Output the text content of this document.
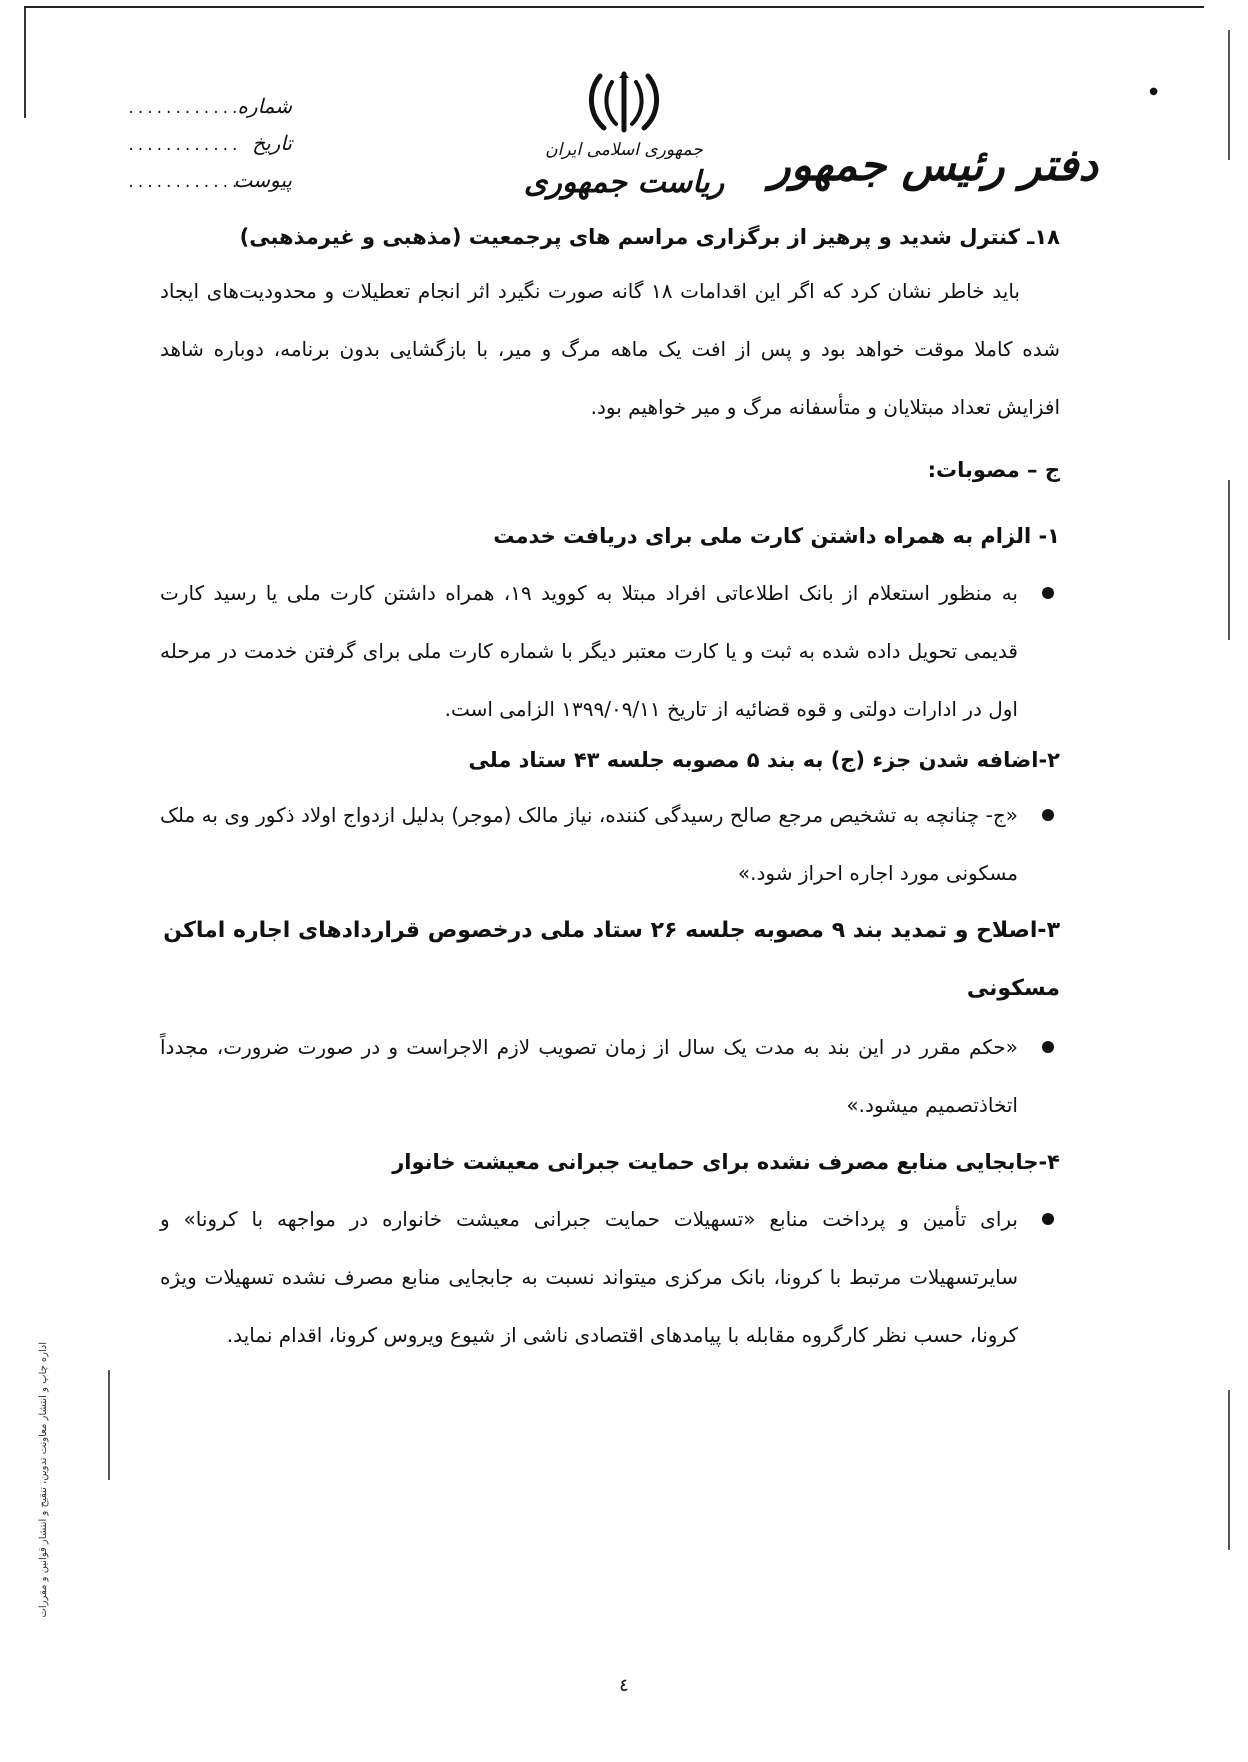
●
دفتر رئیس جمهور
جمهوری اسلامی ایران
ریاست جمهوری
شماره
............
تاریخ
............
پیوست
............

۱۸ـ کنترل شدید و پرهیز از برگزاری مراسم های پرجمعیت (مذهبی و غیرمذهبی)

باید خاطر نشان کرد که اگر این اقدامات ۱۸ گانه صورت نگیرد اثر انجام تعطیلات و محدودیت‌های ایجاد شده کاملا موقت خواهد بود و پس از افت یک ماهه مرگ و میر، با بازگشایی بدون برنامه، دوباره شاهد افزایش تعداد مبتلایان و متأسفانه مرگ و میر خواهیم بود.

ج – مصوبات:

۱- الزام به همراه داشتن کارت ملی برای دریافت خدمت

به منظور استعلام از بانک اطلاعاتی افراد مبتلا به کووید ۱۹، همراه داشتن کارت ملی یا رسید کارت قدیمی تحویل داده شده به ثبت و یا کارت معتبر دیگر با شماره کارت ملی برای گرفتن خدمت در مرحله اول در ادارات دولتی و قوه قضائیه از تاریخ ۱۳۹۹/۰۹/۱۱ الزامی است.

۲-اضافه شدن جزء (ج) به بند ۵ مصوبه جلسه ۴۳ ستاد ملی

«ج- چنانچه به تشخیص مرجع صالح رسیدگی کننده، نیاز مالک (موجر) بدلیل ازدواج اولاد ذکور وی به ملک مسکونی مورد اجاره احراز شود.»

۳-اصلاح و تمدید بند ۹ مصوبه جلسه ۲۶ ستاد ملی درخصوص قراردادهای اجاره اماکن مسکونی

«حکم مقرر در این بند به مدت یک سال از زمان تصویب لازم الاجراست و در صورت ضرورت، مجدداً اتخاذتصمیم میشود.»

۴-جابجایی منابع مصرف نشده برای حمایت جبرانی معیشت خانوار

برای تأمین و پرداخت منابع «تسهیلات حمایت جبرانی معیشت خانواره در مواجهه با کرونا» و سایرتسهیلات مرتبط با کرونا، بانک مرکزی میتواند نسبت به جابجایی منابع مصرف نشده تسهیلات ویژه کرونا، حسب نظر کارگروه مقابله با پیامدهای اقتصادی ناشی از شیوع ویروس کرونا، اقدام نماید.
٤
اداره چاپ و انتشار معاونت تدوین، تنقیح و انتشار قوانین و مقررات
